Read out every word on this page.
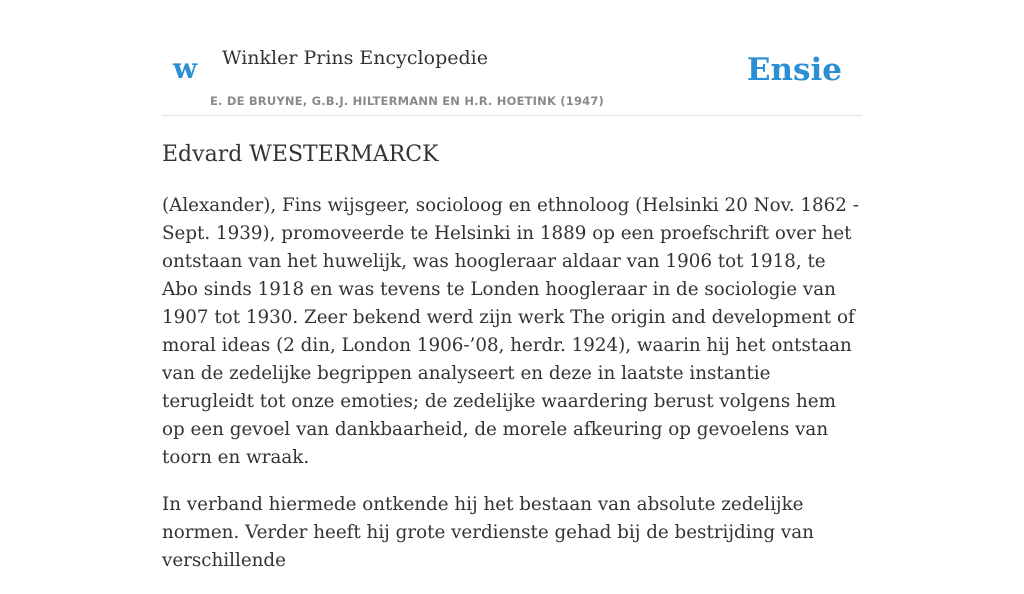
w Winkler Prins Encyclopedie
E. DE BRUYNE, G.B.J. HILTERMANN EN H.R. HOETINK (1947)
Ensie
Edvard WESTERMARCK

(Alexander), Fins wijsgeer, socioloog en ethnoloog (Helsinki 20 Nov. 1862 - Sept. 1939), promoveerde te Helsinki in 1889 op een proefschrift over het ontstaan van het huwelijk, was hoogleraar aldaar van 1906 tot 1918, te Abo sinds 1918 en was tevens te Londen hoogleraar in de sociologie van 1907 tot 1930. Zeer bekend werd zijn werk The origin and development of moral ideas (2 din, London 1906-’08, herdr. 1924), waarin hij het ontstaan van de zedelijke begrippen analyseert en deze in laatste instantie terugleidt tot onze emoties; de zedelijke waardering berust volgens hem op een gevoel van dankbaarheid, de morele afkeuring op gevoelens van toorn en wraak.

In verband hiermede ontkende hij het bestaan van absolute zedelijke normen. Verder heeft hij grote verdienste gehad bij de bestrijding van verschillende
